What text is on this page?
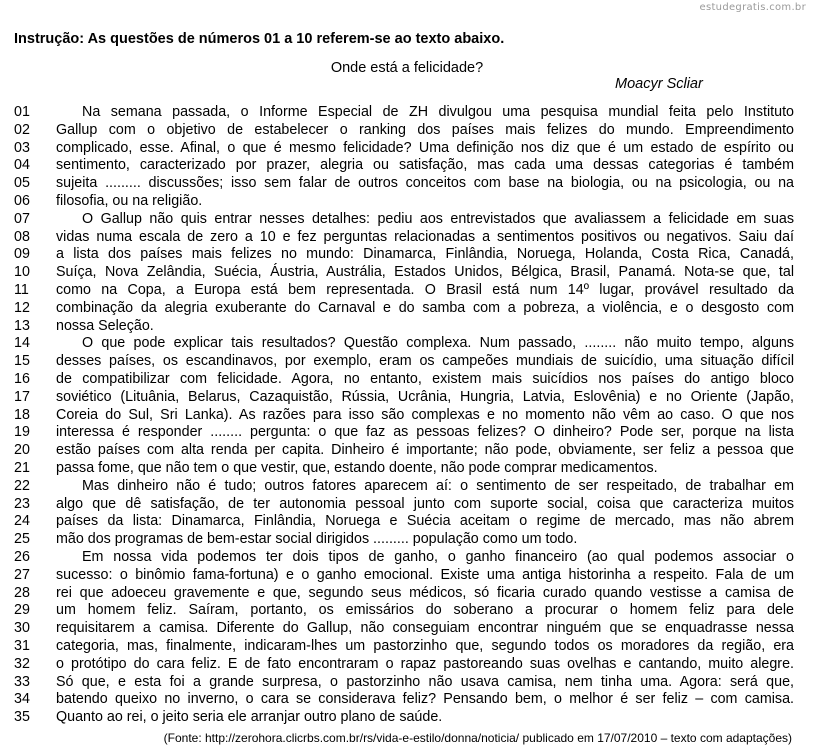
estudegratis.com.br
Instrução: As questões de números 01 a 10 referem-se ao texto abaixo.
Onde está a felicidade?
Moacyr Scliar
01	Na semana passada, o Informe Especial de ZH divulgou uma pesquisa mundial feita pelo Instituto
02	Gallup com o objetivo de estabelecer o ranking dos países mais felizes do mundo. Empreendimento
03	complicado, esse. Afinal, o que é mesmo felicidade? Uma definição nos diz que é um estado de espírito ou
04	sentimento, caracterizado por prazer, alegria ou satisfação, mas cada uma dessas categorias é também
05	sujeita ......... discussões; isso sem falar de outros conceitos com base na biologia, ou na psicologia, ou na
06	filosofia, ou na religião.
07	O Gallup não quis entrar nesses detalhes: pediu aos entrevistados que avaliassem a felicidade em suas
08	vidas numa escala de zero a 10 e fez perguntas relacionadas a sentimentos positivos ou negativos. Saiu daí
09	a lista dos países mais felizes no mundo: Dinamarca, Finlândia, Noruega, Holanda, Costa Rica, Canadá,
10	Suíça, Nova Zelândia, Suécia, Áustria, Austrália, Estados Unidos, Bélgica, Brasil, Panamá. Nota-se que, tal
11	como na Copa, a Europa está bem representada. O Brasil está num 14º lugar, provável resultado da
12	combinação da alegria exuberante do Carnaval e do samba com a pobreza, a violência, e o desgosto com
13	nossa Seleção.
14	O que pode explicar tais resultados? Questão complexa. Num passado, ........ não muito tempo, alguns
15	desses países, os escandinavos, por exemplo, eram os campeões mundiais de suicídio, uma situação difícil
16	de compatibilizar com felicidade. Agora, no entanto, existem mais suicídios nos países do antigo bloco
17	soviético (Lituânia, Belarus, Cazaquistão, Rússia, Ucrânia, Hungria, Latvia, Eslovênia) e no Oriente (Japão,
18	Coreia do Sul, Sri Lanka). As razões para isso são complexas e no momento não vêm ao caso. O que nos
19	interessa é responder ........ pergunta: o que faz as pessoas felizes? O dinheiro? Pode ser, porque na lista
20	estão países com alta renda per capita. Dinheiro é importante; não pode, obviamente, ser feliz a pessoa que
21	passa fome, que não tem o que vestir, que, estando doente, não pode comprar medicamentos.
22	Mas dinheiro não é tudo; outros fatores aparecem aí: o sentimento de ser respeitado, de trabalhar em
23	algo que dê satisfação, de ter autonomia pessoal junto com suporte social, coisa que caracteriza muitos
24	países da lista: Dinamarca, Finlândia, Noruega e Suécia aceitam o regime de mercado, mas não abrem
25	mão dos programas de bem-estar social dirigidos ......... população como um todo.
26	Em nossa vida podemos ter dois tipos de ganho, o ganho financeiro (ao qual podemos associar o
27	sucesso: o binômio fama-fortuna) e o ganho emocional. Existe uma antiga historinha a respeito. Fala de um
28	rei que adoeceu gravemente e que, segundo seus médicos, só ficaria curado quando vestisse a camisa de
29	um homem feliz. Saíram, portanto, os emissários do soberano a procurar o homem feliz para dele
30	requisitarem a camisa. Diferente do Gallup, não conseguiam encontrar ninguém que se enquadrasse nessa
31	categoria, mas, finalmente, indicaram-lhes um pastorzinho que, segundo todos os moradores da região, era
32	o protótipo do cara feliz. E de fato encontraram o rapaz pastoreando suas ovelhas e cantando, muito alegre.
33	Só que, e esta foi a grande surpresa, o pastorzinho não usava camisa, nem tinha uma. Agora: será que,
34	batendo queixo no inverno, o cara se considerava feliz? Pensando bem, o melhor é ser feliz – com camisa.
35	Quanto ao rei, o jeito seria ele arranjar outro plano de saúde.
(Fonte: http://zerohora.clicrbs.com.br/rs/vida-e-estilo/donna/noticia/ publicado em 17/07/2010 – texto com adaptações)
